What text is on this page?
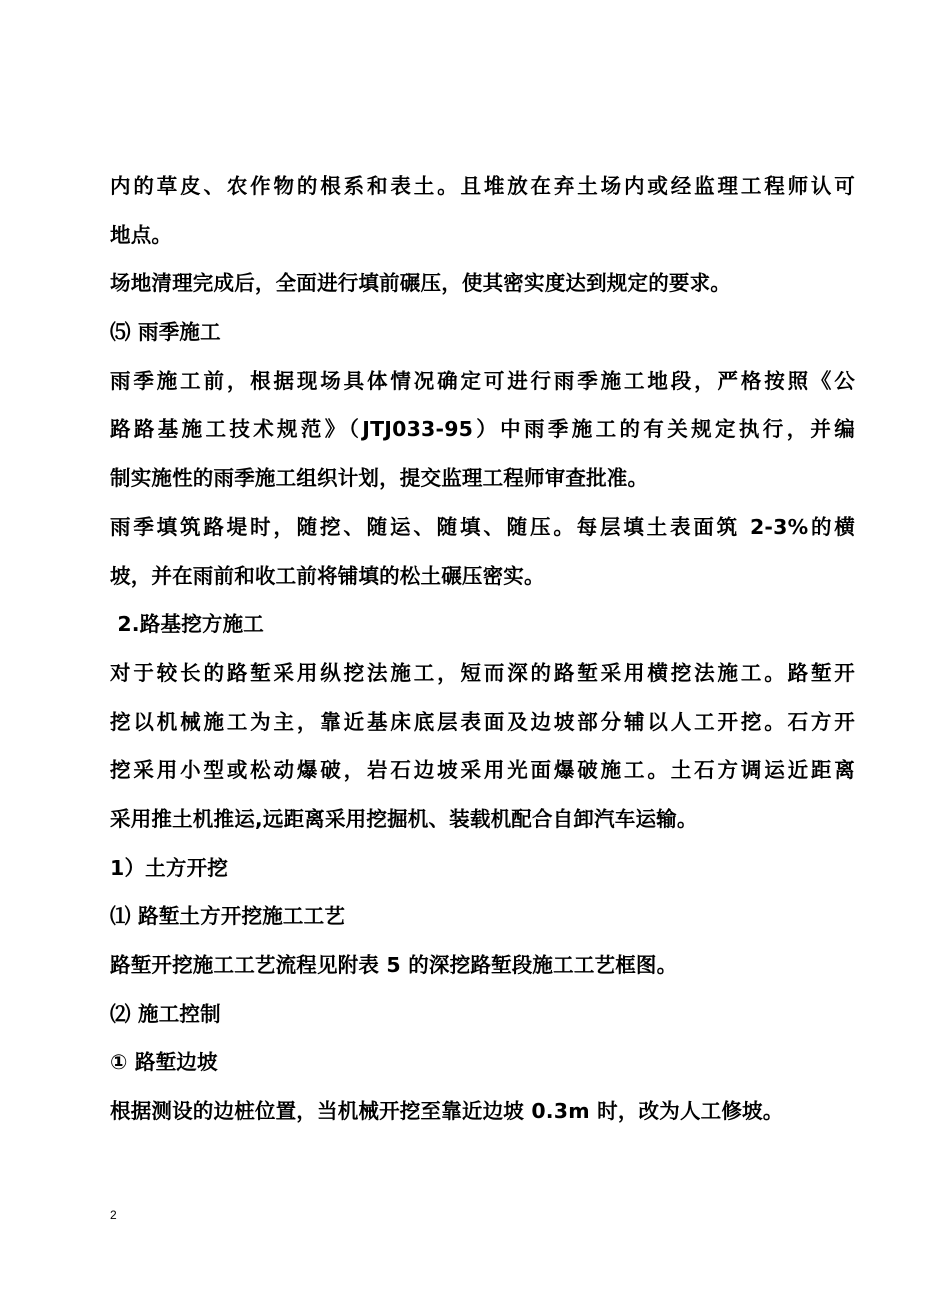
内的草皮、农作物的根系和表土。且堆放在弃土场内或经监理工程师认可
地点。
场地清理完成后，全面进行填前碾压，使其密实度达到规定的要求。
⑸ 雨季施工
雨季施工前，根据现场具体情况确定可进行雨季施工地段，严格按照《公
路路基施工技术规范》（JTJ033-95）中雨季施工的有关规定执行，并编
制实施性的雨季施工组织计划，提交监理工程师审查批准。
雨季填筑路堤时，随挖、随运、随填、随压。每层填土表面筑 2-3%的横
坡，并在雨前和收工前将铺填的松土碾压密实。
2.路基挖方施工
对于较长的路堑采用纵挖法施工，短而深的路堑采用横挖法施工。路堑开
挖以机械施工为主，靠近基床底层表面及边坡部分辅以人工开挖。石方开
挖采用小型或松动爆破，岩石边坡采用光面爆破施工。土石方调运近距离
采用推土机推运,远距离采用挖掘机、装载机配合自卸汽车运输。
1）土方开挖
⑴ 路堑土方开挖施工工艺
路堑开挖施工工艺流程见附表 5 的深挖路堑段施工工艺框图。
⑵ 施工控制
① 路堑边坡
根据测设的边桩位置，当机械开挖至靠近边坡 0.3m 时，改为人工修坡。
2
